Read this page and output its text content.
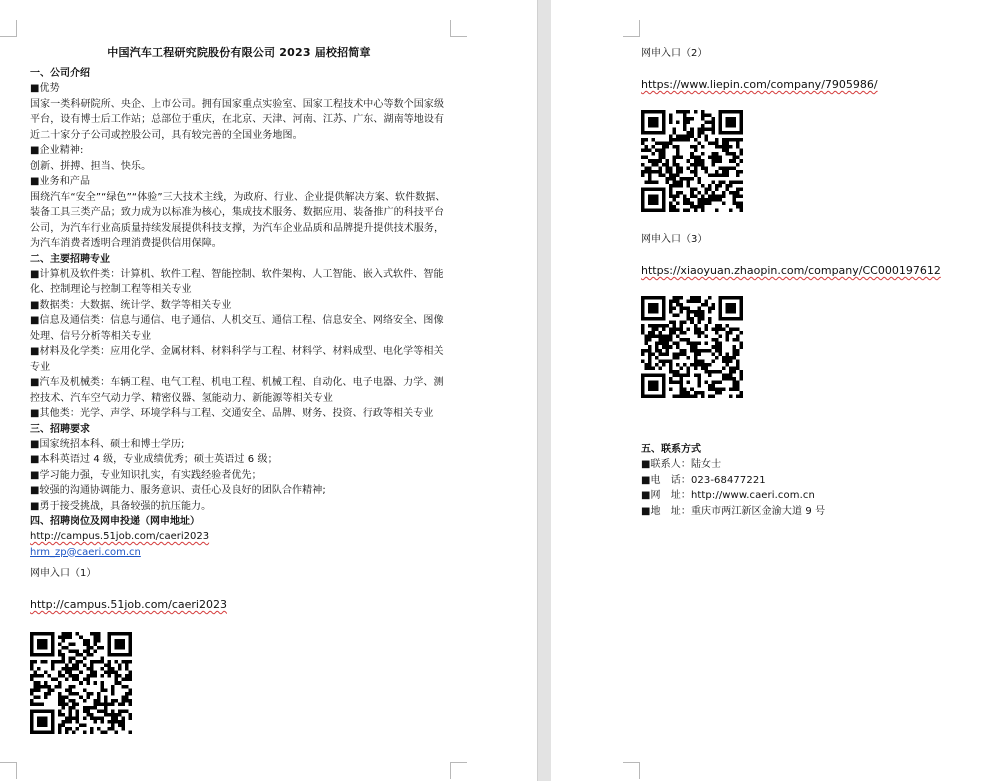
中国汽车工程研究院股份有限公司 2023 届校招简章

一、公司介绍

■优势

国家一类科研院所、央企、上市公司。拥有国家重点实验室、国家工程技术中心等数个国家级平台，设有博士后工作站；总部位于重庆，在北京、天津、河南、江苏、广东、湖南等地设有近二十家分子公司或控股公司，具有较完善的全国业务地图。

■企业精神:

创新、拼搏、担当、快乐。

■业务和产品

围绕汽车“安全”“绿色”“体验”三大技术主线，为政府、行业、企业提供解决方案、软件数据、装备工具三类产品；致力成为以标准为核心，集成技术服务、数据应用、装备推广的科技平台公司，为汽车行业高质量持续发展提供科技支撑，为汽车企业品质和品牌提升提供技术服务，为汽车消费者透明合理消费提供信用保障。

二、主要招聘专业

■计算机及软件类：计算机、软件工程、智能控制、软件架构、人工智能、嵌入式软件、智能化、控制理论与控制工程等相关专业

■数据类：大数据、统计学、数学等相关专业

■信息及通信类：信息与通信、电子通信、人机交互、通信工程、信息安全、网络安全、图像处理、信号分析等相关专业

■材料及化学类：应用化学、金属材料、材料科学与工程、材料学、材料成型、电化学等相关专业

■汽车及机械类：车辆工程、电气工程、机电工程、机械工程、自动化、电子电器、力学、测控技术、汽车空气动力学、精密仪器、氢能动力、新能源等相关专业

■其他类：光学、声学、环境学科与工程、交通安全、品牌、财务、投资、行政等相关专业

三、招聘要求

■国家统招本科、硕士和博士学历;

■本科英语过 4 级，专业成绩优秀；硕士英语过 6 级；

■学习能力强，专业知识扎实，有实践经验者优先；

■较强的沟通协调能力、服务意识、责任心及良好的团队合作精神;

■勇于接受挑战，具备较强的抗压能力。

四、招聘岗位及网申投递（网申地址）

http://campus.51job.com/caeri2023

hrm_zp@caeri.com.cn

网申入口（1）

http://campus.51job.com/caeri2023

网申入口（2）

https://www.liepin.com/company/7905986/

网申入口（3）

https://xiaoyuan.zhaopin.com/company/CC000197612

五、联系方式

■联系人：陆女士

■电　话：023-68477221

■网　址：http://www.caeri.com.cn

■地　址：重庆市两江新区金渝大道 9 号
